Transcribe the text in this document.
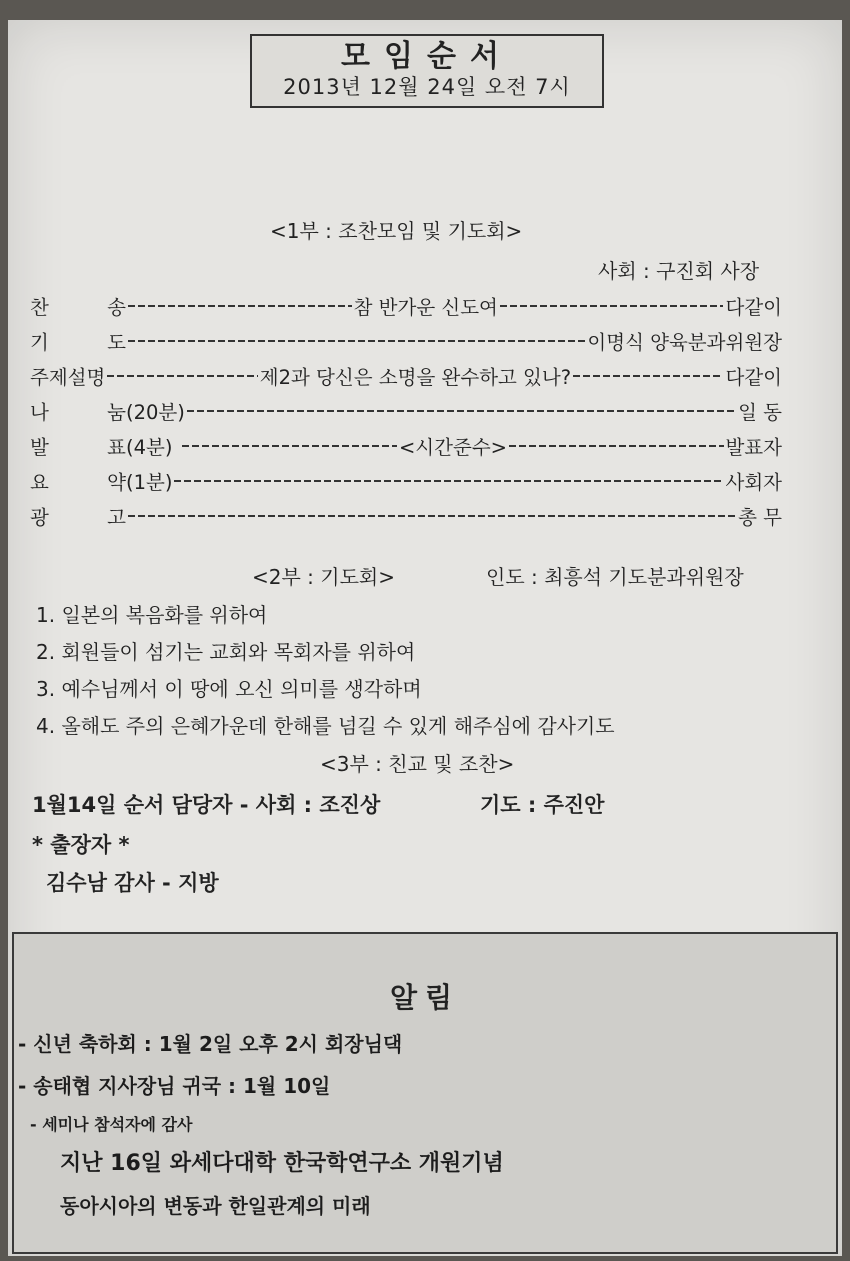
모임순서
2013년 12월 24일 오전 7시
<1부 : 조찬모임 및 기도회>
사회 : 구진회 사장
찬	송	참 반가운 신도여	다같이
기	도	이명식 양육분과위원장
주제설명	제2과 당신은 소명을 완수하고 있나?	다같이
나	눔 (20분)	일 동
발	표 (4분)	<시간준수>	발표자
요	약 (1분)	사회자
광	고	총 무
<2부 : 기도회>	인도 : 최흥석 기도분과위원장
1. 일본의 복음화를 위하여
2. 회원들이 섬기는 교회와 목회자를 위하여
3. 예수님께서 이 땅에 오신 의미를 생각하며
4. 올해도 주의 은혜가운데 한해를 넘길 수 있게 해주심에 감사기도
<3부 : 친교 및 조찬>
1월14일 순서 담당자 - 사회 : 조진상	기도 : 주진안
* 출장자 *
김수남 감사 - 지방
알림
- 신년 축하회 : 1월 2일 오후 2시 회장님댁
- 송태협 지사장님 귀국 : 1월 10일
- 세미나 참석자에 감사
지난 16일 와세다대학 한국학연구소 개원기념
동아시아의 변동과 한일관계의 미래
